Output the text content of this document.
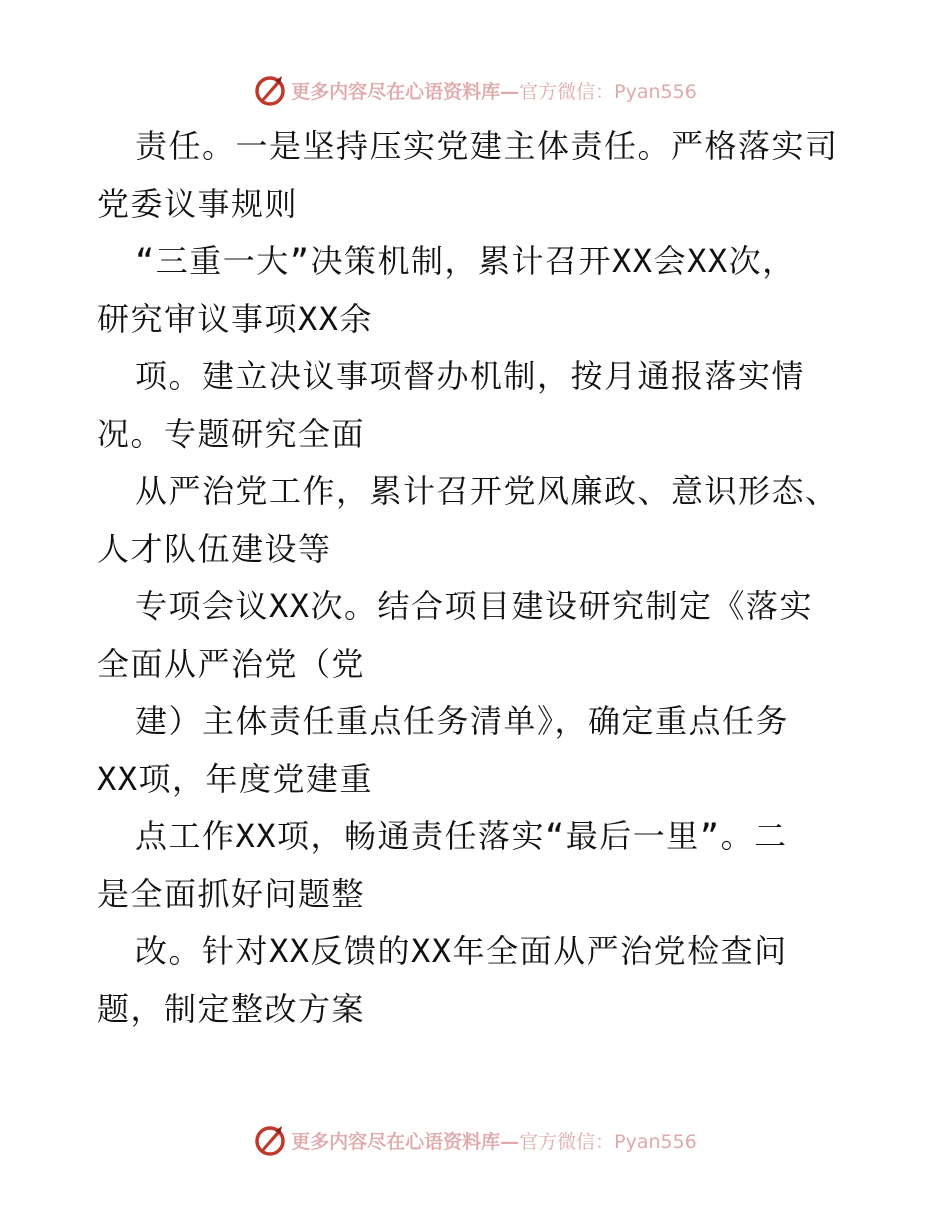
更多内容尽在心语资料库—官方微信：Pyan556
责任。一是坚持压实党建主体责任。严格落实司
党委议事规则
“三重一大”决策机制，累计召开XX会XX次，
研究审议事项XX余
项。建立决议事项督办机制，按月通报落实情
况。专题研究全面
从严治党工作，累计召开党风廉政、意识形态、
人才队伍建设等
专项会议XX次。结合项目建设研究制定《落实
全面从严治党（党
建）主体责任重点任务清单》，确定重点任务
XX项，年度党建重
点工作XX项，畅通责任落实“最后一里”。二
是全面抓好问题整
改。针对XX反馈的XX年全面从严治党检查问
题，制定整改方案
更多内容尽在心语资料库—官方微信：Pyan556
